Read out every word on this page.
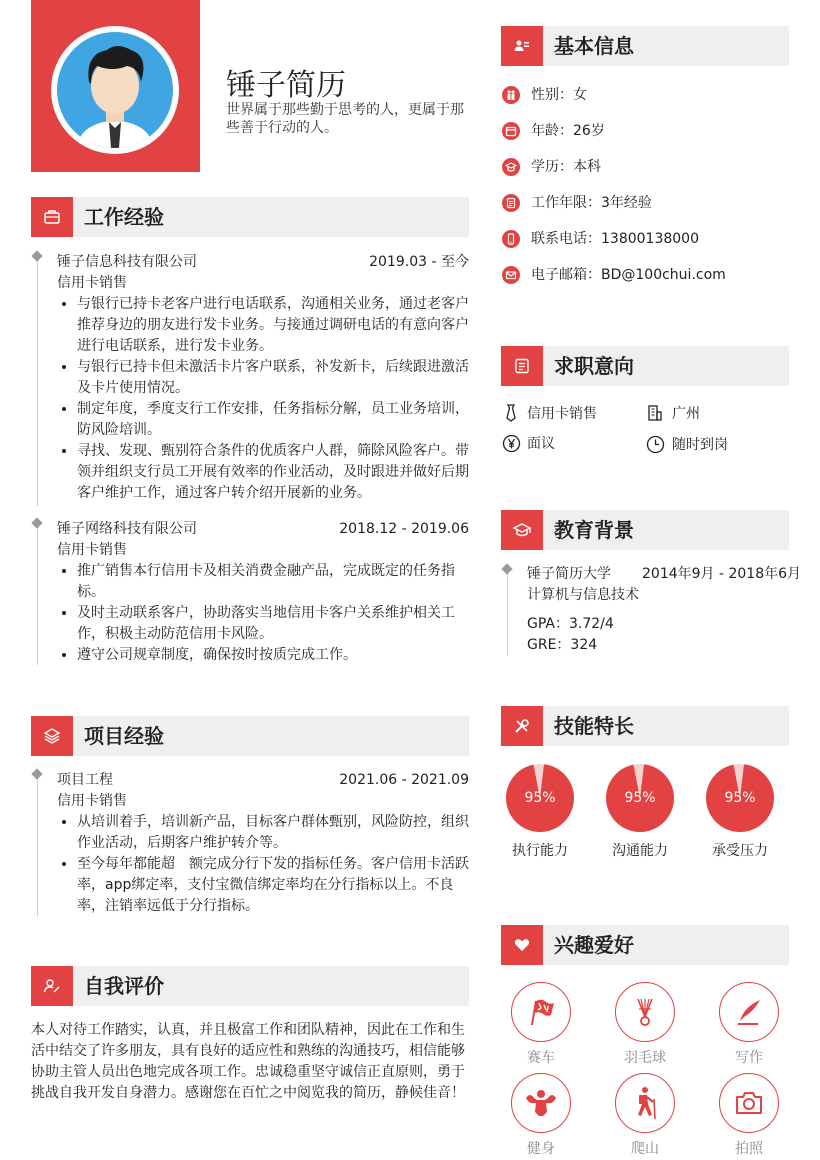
锤子简历
世界属于那些勤于思考的人，更属于那些善于行动的人。
工作经验
锤子信息科技有限公司	2019.03 - 至今
信用卡销售
• 与银行已持卡老客户进行电话联系，沟通相关业务，通过老客户推荐身边的朋友进行发卡业务。与接通过调研电话的有意向客户进行电话联系，进行发卡业务。
• 与银行已持卡但未激活卡片客户联系，补发新卡，后续跟进激活及卡片使用情况。
• 制定年度，季度支行工作安排，任务指标分解，员工业务培训，防风险培训。
• 寻找、发现、甄别符合条件的优质客户人群，筛除风险客户。带领并组织支行员工开展有效率的作业活动，及时跟进并做好后期客户维护工作，通过客户转介绍开展新的业务。
锤子网络科技有限公司	2018.12 - 2019.06
信用卡销售
• 推广销售本行信用卡及相关消费金融产品，完成既定的任务指标。
• 及时主动联系客户，协助落实当地信用卡客户关系维护相关工作，积极主动防范信用卡风险。
• 遵守公司规章制度，确保按时按质完成工作。
项目经验
项目工程	2021.06 - 2021.09
信用卡销售
• 从培训着手，培训新产品，目标客户群体甄别，风险防控，组织作业活动，后期客户维护转介等。
• 至今每年都能超　额完成分行下发的指标任务。客户信用卡活跃率，app绑定率，支付宝微信绑定率均在分行指标以上。不良率，注销率远低于分行指标。
自我评价
本人对待工作踏实，认真，并且极富工作和团队精神，因此在工作和生活中结交了许多朋友，具有良好的适应性和熟练的沟通技巧，相信能够协助主管人员出色地完成各项工作。忠诚稳重坚守诚信正直原则，勇于挑战自我开发自身潜力。感谢您在百忙之中阅览我的简历，静候佳音！
基本信息
性别：女
年龄：26岁
学历：本科
工作年限：3年经验
联系电话：13800138000
电子邮箱：BD@100chui.com
求职意向
信用卡销售	广州
面议	随时到岗
教育背景
锤子简历大学 2014年9月 - 2018年6月
计算机与信息技术
GPA：3.72/4
GRE：324
技能特长
95%
执行能力
95%
沟通能力
95%
承受压力
兴趣爱好
赛车	羽毛球	写作
健身	爬山	拍照
